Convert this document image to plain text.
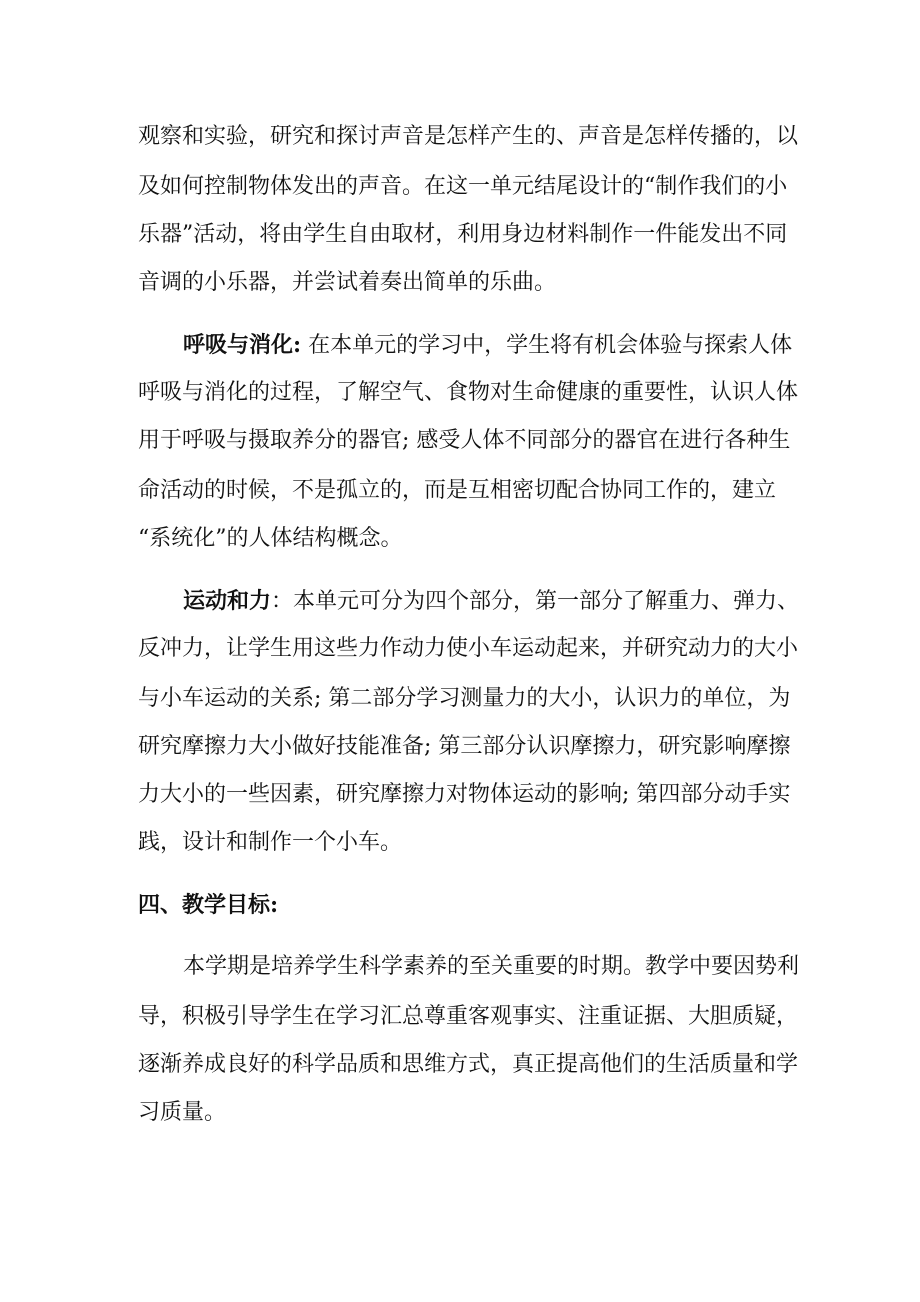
观察和实验，研究和探讨声音是怎样产生的、声音是怎样传播的，以
及如何控制物体发出的声音。在这一单元结尾设计的“制作我们的小
乐器”活动，将由学生自由取材，利用身边材料制作一件能发出不同
音调的小乐器，并尝试着奏出简单的乐曲。
呼吸与消化: 在本单元的学习中，学生将有机会体验与探索人体
呼吸与消化的过程，了解空气、食物对生命健康的重要性，认识人体
用于呼吸与摄取养分的器官; 感受人体不同部分的器官在进行各种生
命活动的时候，不是孤立的，而是互相密切配合协同工作的，建立
“系统化”的人体结构概念。
运动和力：本单元可分为四个部分，第一部分了解重力、弹力、
反冲力，让学生用这些力作动力使小车运动起来，并研究动力的大小
与小车运动的关系; 第二部分学习测量力的大小，认识力的单位，为
研究摩擦力大小做好技能准备; 第三部分认识摩擦力，研究影响摩擦
力大小的一些因素，研究摩擦力对物体运动的影响; 第四部分动手实
践，设计和制作一个小车。
四、教学目标:
本学期是培养学生科学素养的至关重要的时期。教学中要因势利
导，积极引导学生在学习汇总尊重客观事实、注重证据、大胆质疑，
逐渐养成良好的科学品质和思维方式，真正提高他们的生活质量和学
习质量。
